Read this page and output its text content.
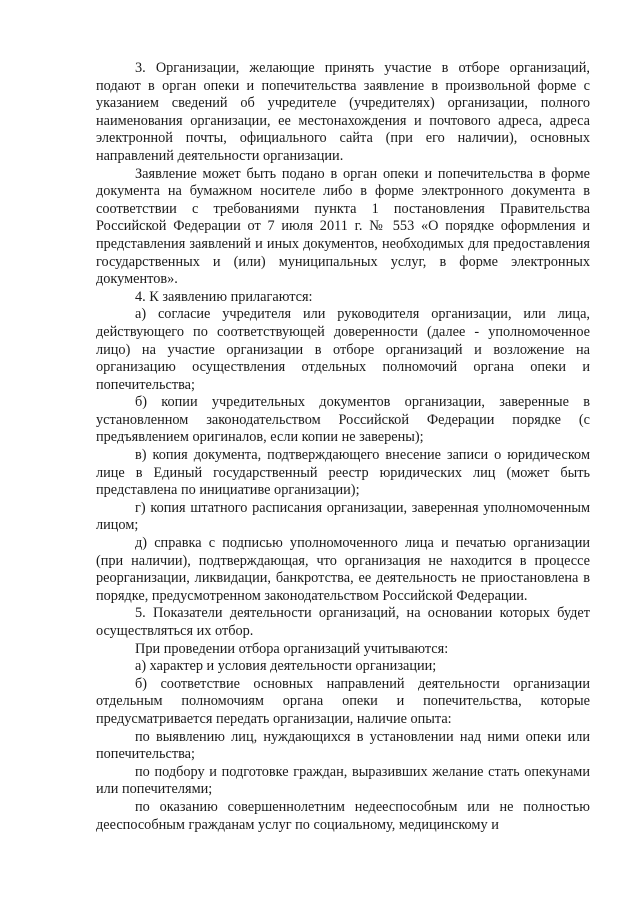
3. Организации, желающие принять участие в отборе организаций, подают в орган опеки и попечительства заявление в произвольной форме с указанием сведений об учредителе (учредителях) организации, полного наименования организации, ее местонахождения и почтового адреса, адреса электронной почты, официального сайта (при его наличии), основных направлений деятельности организации.

Заявление может быть подано в орган опеки и попечительства в форме документа на бумажном носителе либо в форме электронного документа в соответствии с требованиями пункта 1 постановления Правительства Российской Федерации от 7 июля 2011 г. № 553 «О порядке оформления и представления заявлений и иных документов, необходимых для предоставления государственных и (или) муниципальных услуг, в форме электронных документов».

4. К заявлению прилагаются:

а) согласие учредителя или руководителя организации, или лица, действующего по соответствующей доверенности (далее - уполномоченное лицо) на участие организации в отборе организаций и возложение на организацию осуществления отдельных полномочий органа опеки и попечительства;

б) копии учредительных документов организации, заверенные в установленном законодательством Российской Федерации порядке (с предъявлением оригиналов, если копии не заверены);

в) копия документа, подтверждающего внесение записи о юридическом лице в Единый государственный реестр юридических лиц (может быть представлена по инициативе организации);

г) копия штатного расписания организации, заверенная уполномоченным лицом;

д) справка с подписью уполномоченного лица и печатью организации (при наличии), подтверждающая, что организация не находится в процессе реорганизации, ликвидации, банкротства, ее деятельность не приостановлена в порядке, предусмотренном законодательством Российской Федерации.

5. Показатели деятельности организаций, на основании которых будет осуществляться их отбор.

При проведении отбора организаций учитываются:

а) характер и условия деятельности организации;

б) соответствие основных направлений деятельности организации отдельным полномочиям органа опеки и попечительства, которые предусматривается передать организации, наличие опыта:

по выявлению лиц, нуждающихся в установлении над ними опеки или попечительства;

по подбору и подготовке граждан, выразивших желание стать опекунами или попечителями;

по оказанию совершеннолетним недееспособным или не полностью дееспособным гражданам услуг по социальному, медицинскому и
